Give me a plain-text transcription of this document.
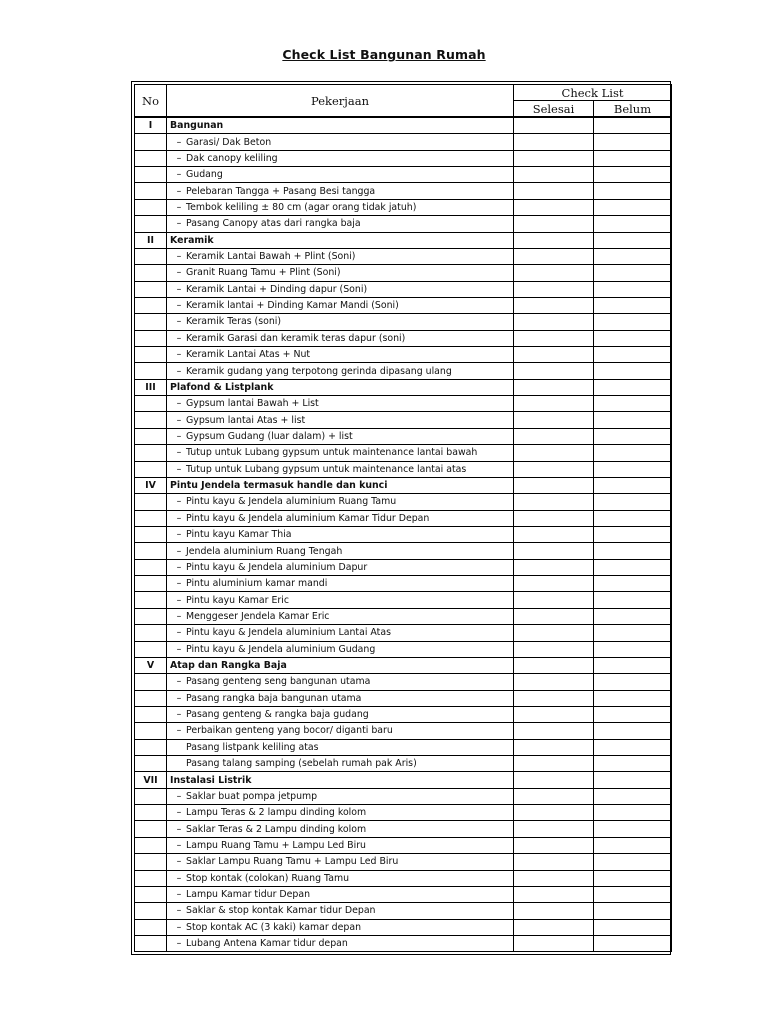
Check List Bangunan Rumah
No	Pekerjaan	Check List	
		Selesai	Belum
I	Bangunan		
	– Garasi/ Dak Beton		
	– Dak canopy keliling		
	– Gudang		
	– Pelebaran Tangga + Pasang Besi tangga		
	– Tembok keliling ± 80 cm (agar orang tidak jatuh)		
	– Pasang Canopy atas dari rangka baja		
II	Keramik		
	– Keramik Lantai Bawah + Plint (Soni)		
	– Granit Ruang Tamu + Plint (Soni)		
	– Keramik Lantai + Dinding dapur (Soni)		
	– Keramik lantai + Dinding Kamar Mandi (Soni)		
	– Keramik Teras (soni)		
	– Keramik Garasi dan keramik teras dapur (soni)		
	– Keramik Lantai Atas + Nut		
	– Keramik gudang yang terpotong gerinda dipasang ulang		
III	Plafond & Listplank		
	– Gypsum lantai Bawah + List		
	– Gypsum lantai Atas + list		
	– Gypsum Gudang (luar dalam) + list		
	– Tutup untuk Lubang gypsum untuk maintenance lantai bawah		
	– Tutup untuk Lubang gypsum untuk maintenance lantai atas		
IV	Pintu Jendela termasuk handle dan kunci		
	– Pintu kayu & Jendela aluminium Ruang Tamu		
	– Pintu kayu & Jendela aluminium Kamar Tidur Depan		
	– Pintu kayu Kamar Thia		
	– Jendela aluminium Ruang Tengah		
	– Pintu kayu & Jendela aluminium Dapur		
	– Pintu aluminium kamar mandi		
	– Pintu kayu Kamar Eric		
	– Menggeser Jendela Kamar Eric		
	– Pintu kayu & Jendela aluminium Lantai Atas		
	– Pintu kayu & Jendela aluminium Gudang		
V	Atap dan Rangka Baja		
	– Pasang genteng seng bangunan utama		
	– Pasang rangka baja bangunan utama		
	– Pasang genteng & rangka baja gudang		
	– Perbaikan genteng yang bocor/ diganti baru		
	Pasang listpank keliling atas		
	Pasang talang samping (sebelah rumah pak Aris)		
VII	Instalasi Listrik		
	– Saklar buat pompa jetpump		
	– Lampu Teras & 2 lampu dinding kolom		
	– Saklar Teras & 2 Lampu dinding kolom		
	– Lampu Ruang Tamu + Lampu Led Biru		
	– Saklar Lampu Ruang Tamu + Lampu Led Biru		
	– Stop kontak (colokan) Ruang Tamu		
	– Lampu Kamar tidur Depan		
	– Saklar & stop kontak Kamar tidur Depan		
	– Stop kontak AC (3 kaki) kamar depan		
	– Lubang Antena Kamar tidur depan		
